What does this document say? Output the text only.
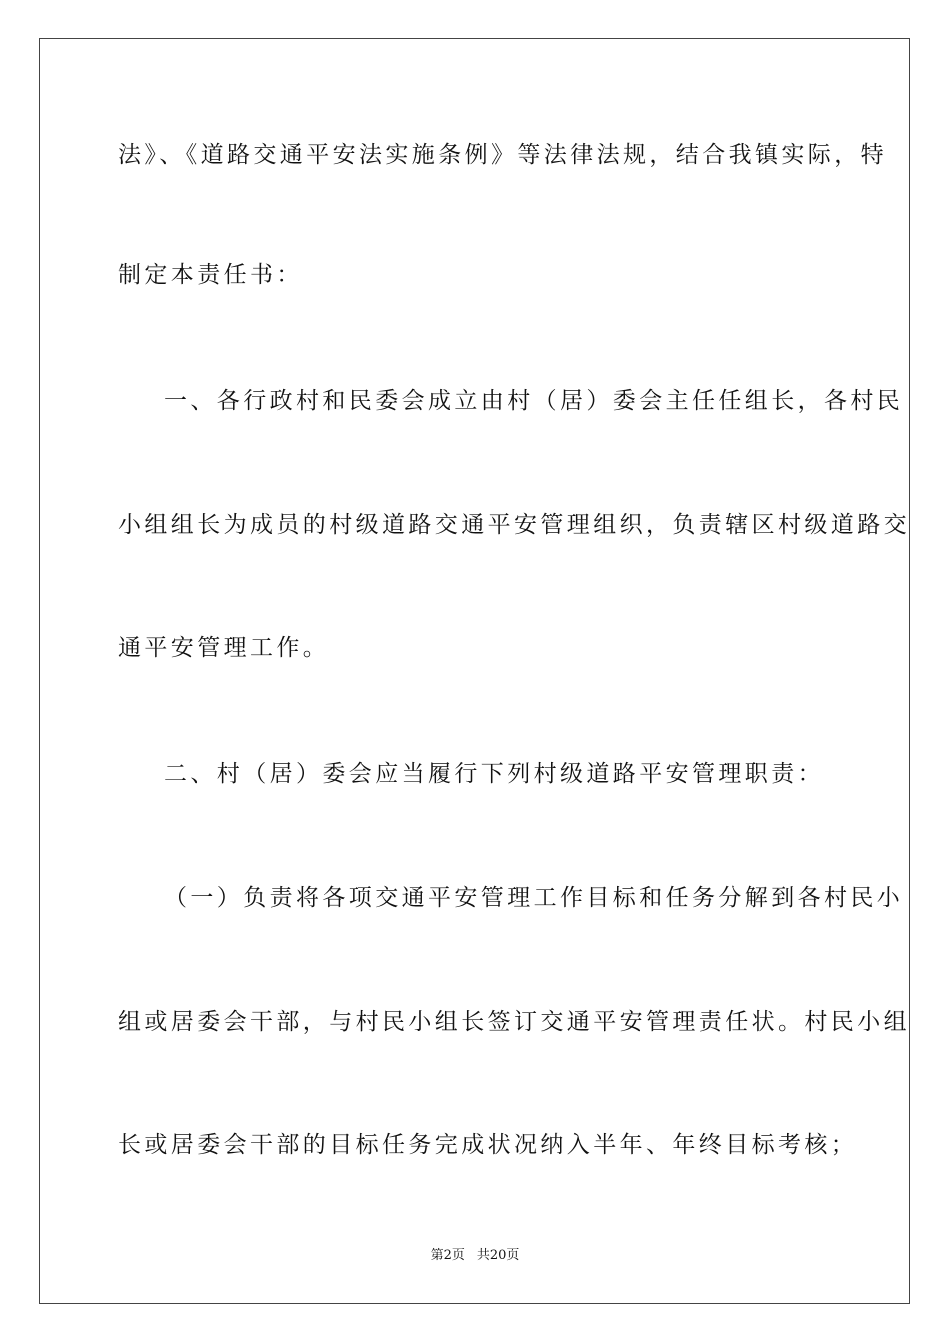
法》、《道路交通平安法实施条例》等法律法规，结合我镇实际，特
制定本责任书：
一、各行政村和民委会成立由村（居）委会主任任组长，各村民
小组组长为成员的村级道路交通平安管理组织，负责辖区村级道路交
通平安管理工作。
二、村（居）委会应当履行下列村级道路平安管理职责：
（一）负责将各项交通平安管理工作目标和任务分解到各村民小
组或居委会干部，与村民小组长签订交通平安管理责任状。村民小组
长或居委会干部的目标任务完成状况纳入半年、年终目标考核；
第2页 共20页
